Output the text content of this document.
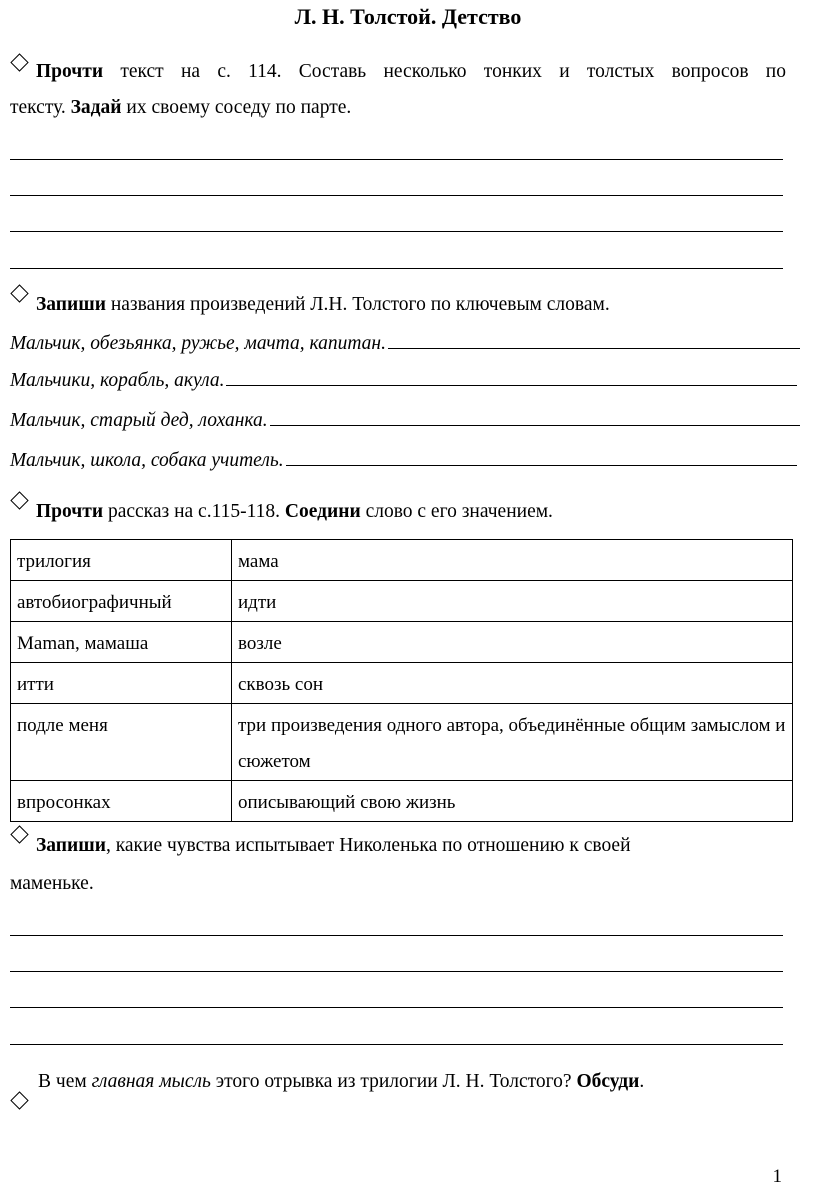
Л. Н. Толстой. Детство
Прочти текст на с. 114. Составь несколько тонких и толстых вопросов по
тексту. Задай их своему соседу по парте.
Запиши названия произведений Л.Н. Толстого по ключевым словам.
Мальчик, обезьянка, ружье, мачта, капитан.
Мальчики, корабль, акула.
Мальчик, старый дед, лоханка.
Мальчик, школа, собака учитель.
Прочти рассказ на с.115-118. Соедини слово с его значением.
трилогия	мама
автобиографичный	идти
Maman, мамаша	возле
итти	сквозь сон
подле меня	три произведения одного автора, объединённые общим замыслом и сюжетом
впросонках	описывающий свою жизнь
Запиши, какие чувства испытывает Николенька по отношению к своей
маменьке.
В чем главная мысль этого отрывка из трилогии Л. Н. Толстого? Обсуди.
1
